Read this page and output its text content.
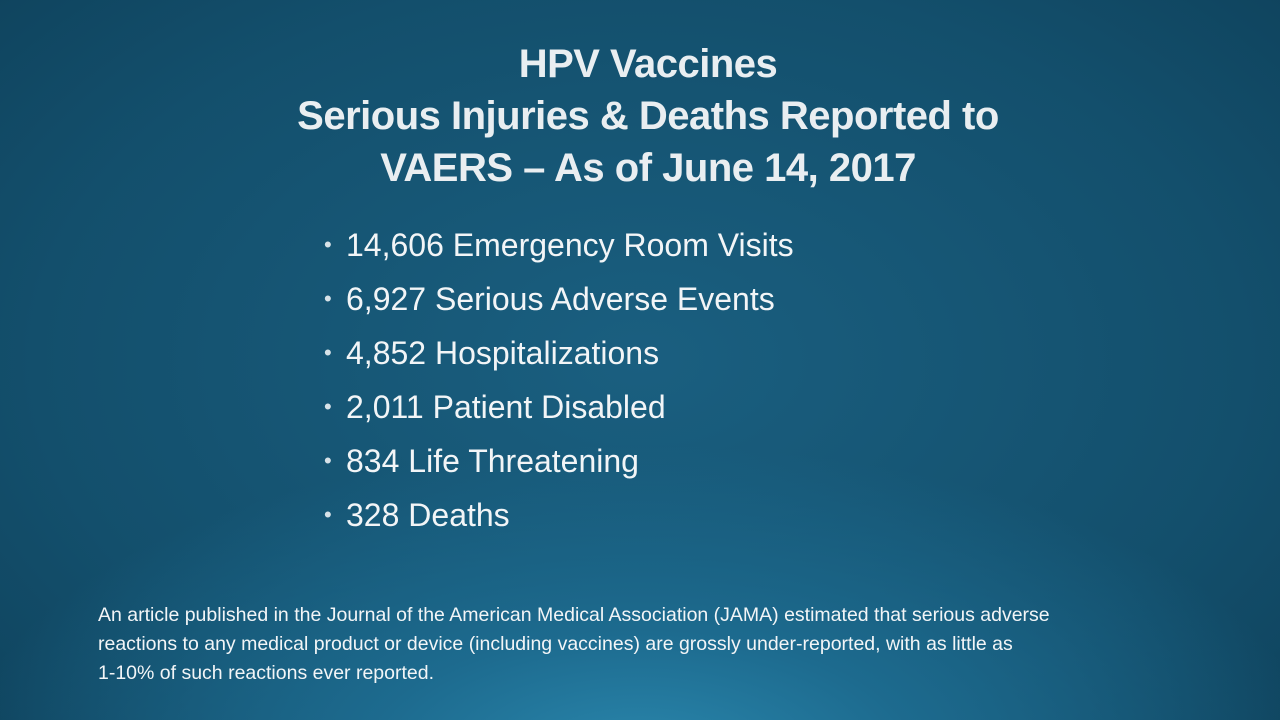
HPV Vaccines
Serious Injuries & Deaths Reported to
VAERS – As of June 14, 2017
• 14,606 Emergency Room Visits
• 6,927 Serious Adverse Events
• 4,852 Hospitalizations
• 2,011 Patient Disabled
• 834 Life Threatening
• 328 Deaths

An article published in the Journal of the American Medical Association (JAMA) estimated that serious adverse
reactions to any medical product or device (including vaccines) are grossly under-reported, with as little as
1-10% of such reactions ever reported.
